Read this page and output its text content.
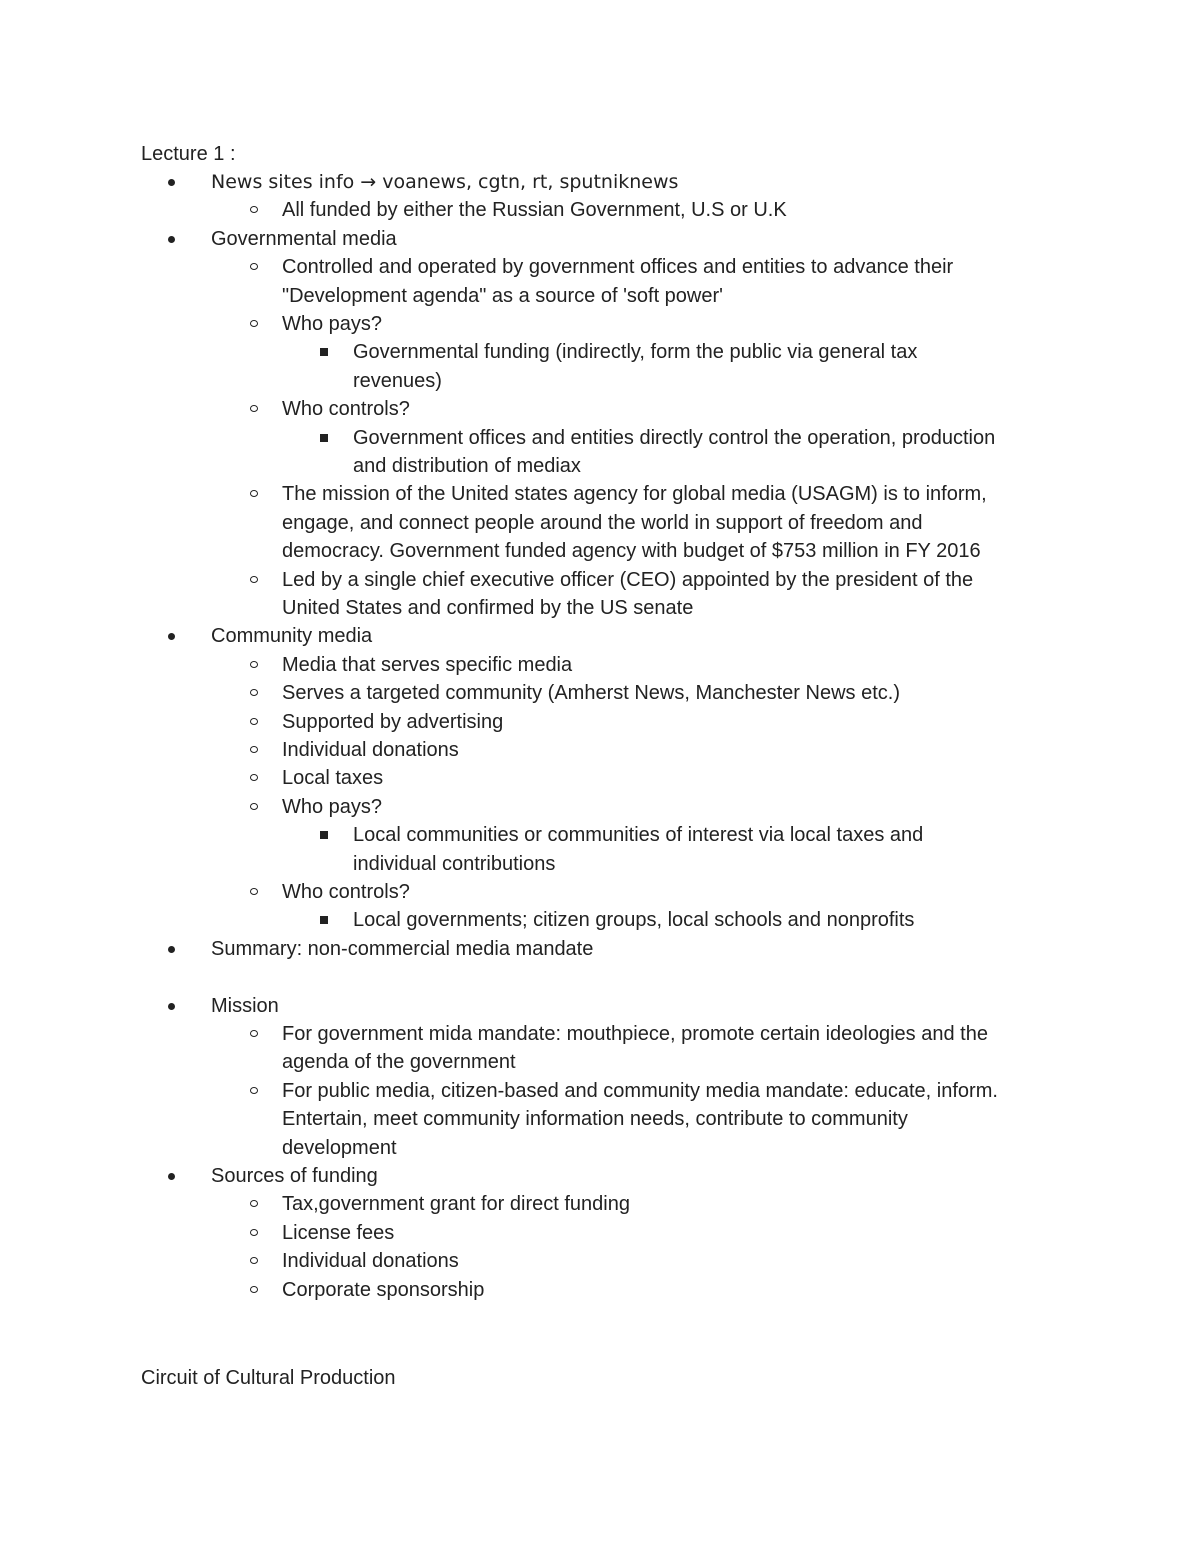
Lecture 1 :
News sites info → voanews, cgtn, rt, sputniknews
All funded by either the Russian Government, U.S or U.K
Governmental media
Controlled and operated by government offices and entities to advance their
"Development agenda" as a source of 'soft power'
Who pays?
Governmental funding (indirectly, form the public via general tax
revenues)
Who controls?
Government offices and entities directly control the operation, production
and distribution of mediax
The mission of the United states agency for global media (USAGM) is to inform,
engage, and connect people around the world in support of freedom and
democracy. Government funded agency with budget of $753 million in FY 2016
Led by a single chief executive officer (CEO) appointed by the president of the
United States and confirmed by the US senate
Community media
Media that serves specific media
Serves a targeted community (Amherst News, Manchester News etc.)
Supported by advertising
Individual donations
Local taxes
Who pays?
Local communities or communities of interest via local taxes and
individual contributions
Who controls?
Local governments; citizen groups, local schools and nonprofits
Summary: non-commercial media mandate
Mission
For government mida mandate: mouthpiece, promote certain ideologies and the
agenda of the government
For public media, citizen-based and community media mandate: educate, inform.
Entertain, meet community information needs, contribute to community
development
Sources of funding
Tax,government grant for direct funding
License fees
Individual donations
Corporate sponsorship
Circuit of Cultural Production
